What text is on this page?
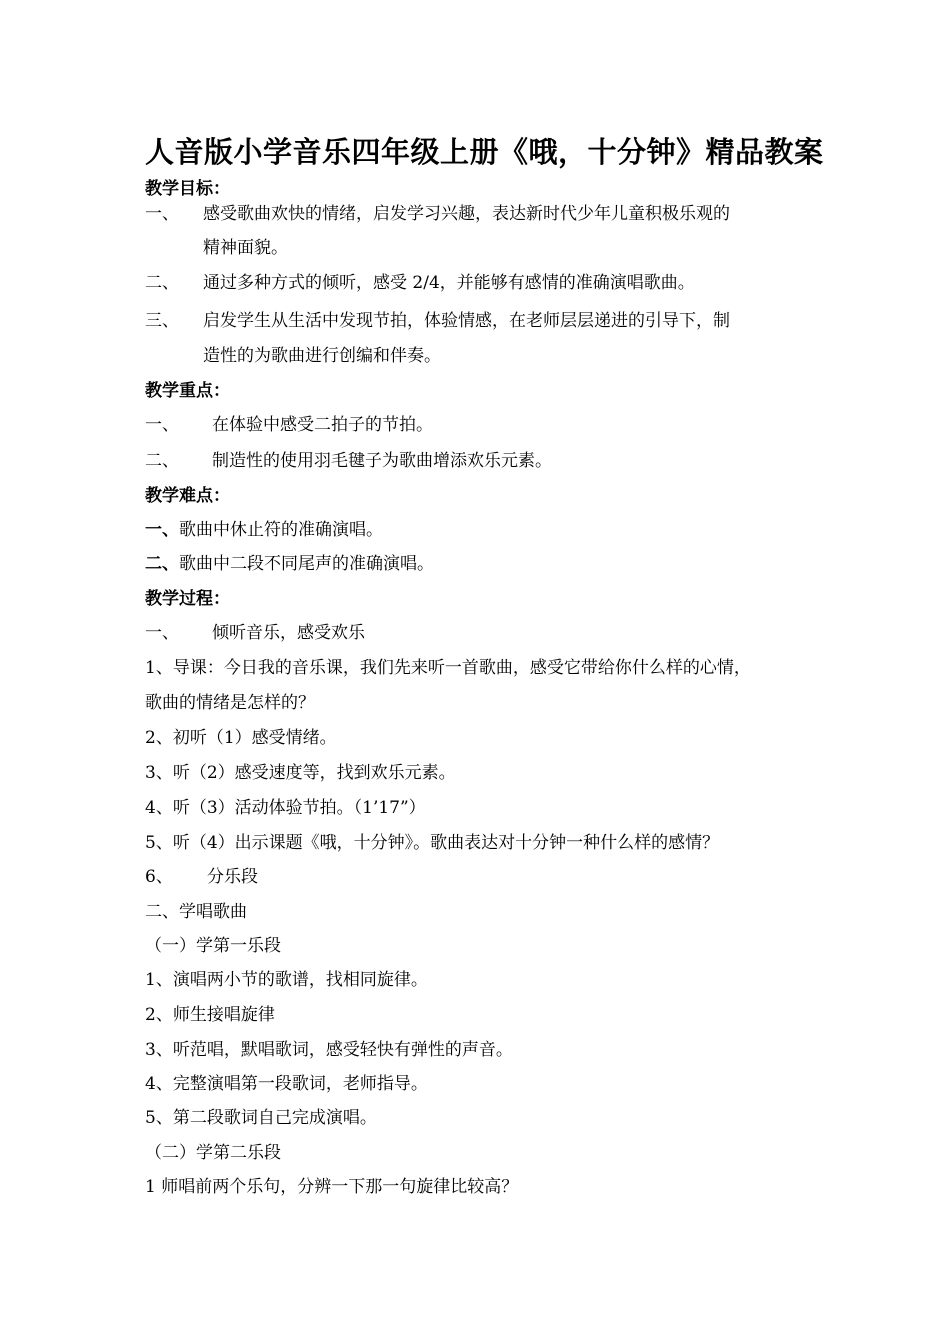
人音版小学音乐四年级上册《哦，十分钟》精品教案
教学目标：
一、 感受歌曲欢快的情绪，启发学习兴趣，表达新时代少年儿童积极乐观的
精神面貌。
二、 通过多种方式的倾听，感受 2/4，并能够有感情的准确演唱歌曲。
三、 启发学生从生活中发现节拍，体验情感，在老师层层递进的引导下，制
造性的为歌曲进行创编和伴奏。
教学重点：
一、 在体验中感受二拍子的节拍。
二、 制造性的使用羽毛毽子为歌曲增添欢乐元素。
教学难点：
一、歌曲中休止符的准确演唱。
二、歌曲中二段不同尾声的准确演唱。
教学过程：
一、 倾听音乐，感受欢乐
1、导课：今日我的音乐课，我们先来听一首歌曲，感受它带给你什么样的心情，
歌曲的情绪是怎样的？
2、初听（1）感受情绪。
3、听（2）感受速度等，找到欢乐元素。
4、听（3）活动体验节拍。（1’17”）
5、听（4）出示课题《哦，十分钟》。歌曲表达对十分钟一种什么样的感情？
6、 分乐段
二、学唱歌曲
（一）学第一乐段
1、演唱两小节的歌谱，找相同旋律。
2、师生接唱旋律
3、听范唱，默唱歌词，感受轻快有弹性的声音。
4、完整演唱第一段歌词，老师指导。
5、第二段歌词自己完成演唱。
（二）学第二乐段
1 师唱前两个乐句，分辨一下那一句旋律比较高？
